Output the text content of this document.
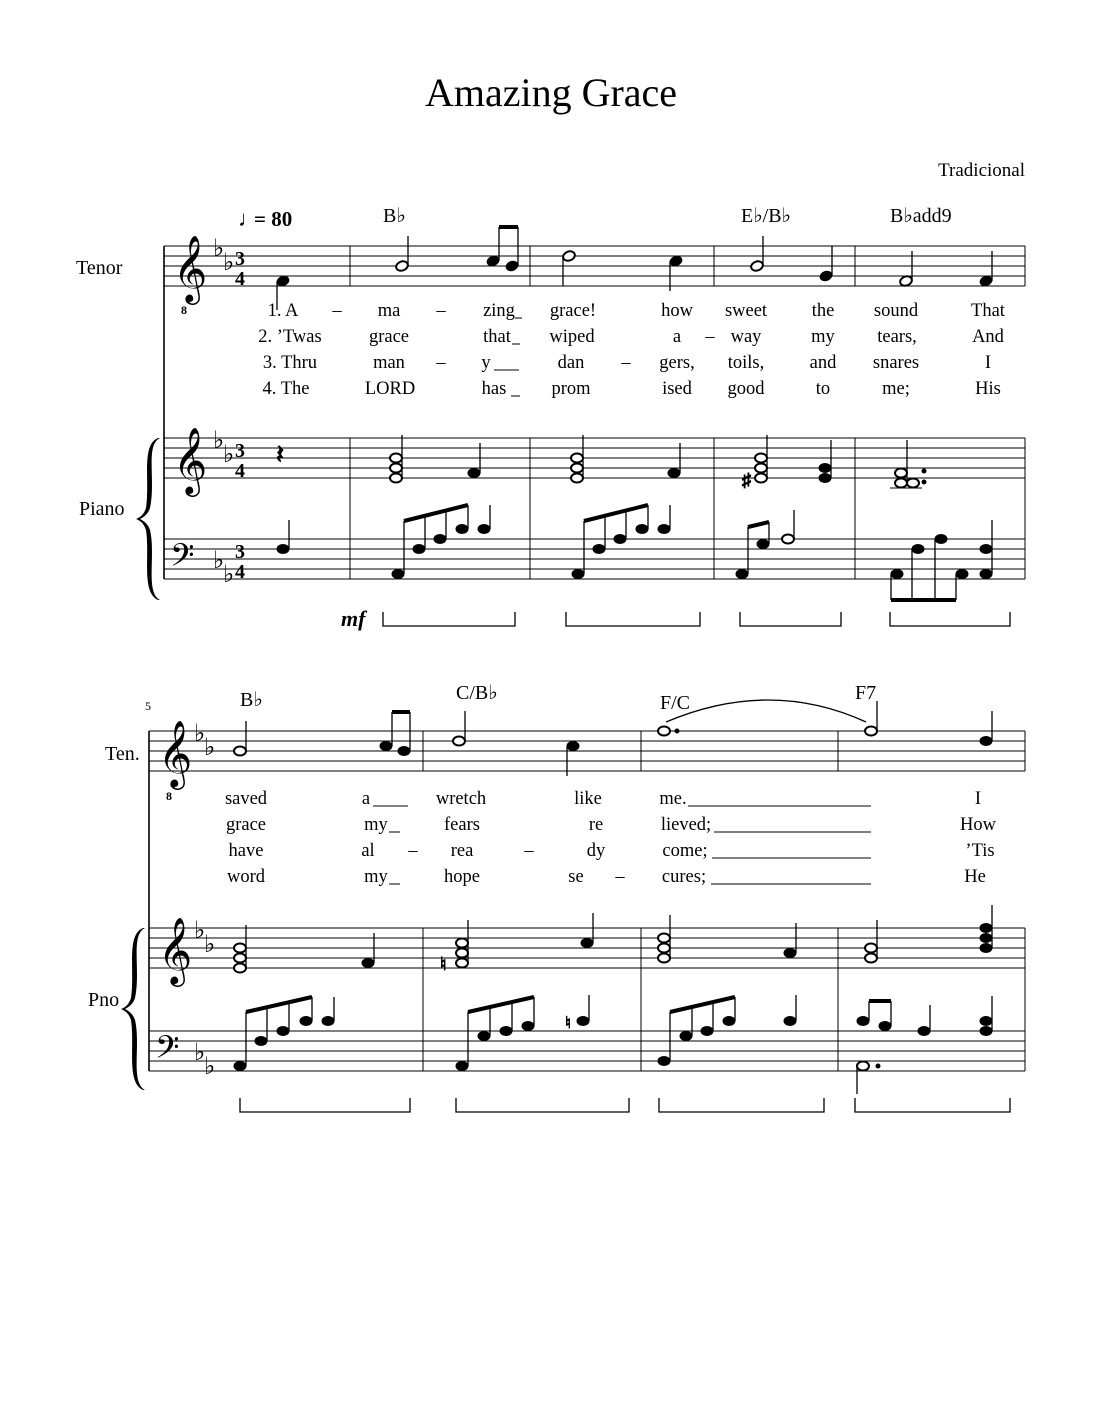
Amazing Grace
Tradicional
♩
= 80	B♭	E♭/B♭	B♭add9
Tenor
Piano
𝄞
8
♭
♭ 3
4
1. A – ma – zing grace!	how sweet the sound	That
2. ’Twas	grace	that wiped	a – way	my tears,	And
3. Thru	man – y	dan – gers, toils, and snares	I
4. The	LORD	has prom	ised good	to	me;	His
𝄞 ♭
♭ 3
4
𝄢 ♭
♭
3
4
𝄽
♯
mf
5	B♭	C/B♭	F/C	F7
Ten.
Pno
𝄞
8
♭
♭
saved	a	wretch	like	me.	I
grace	my	fears	re	lieved;	How
have	al – rea	–	dy	come;	’Tis
word	my	hope	se – cures;	He
𝄞 ♭
♭
𝄢 ♭
♭
♮
♮
